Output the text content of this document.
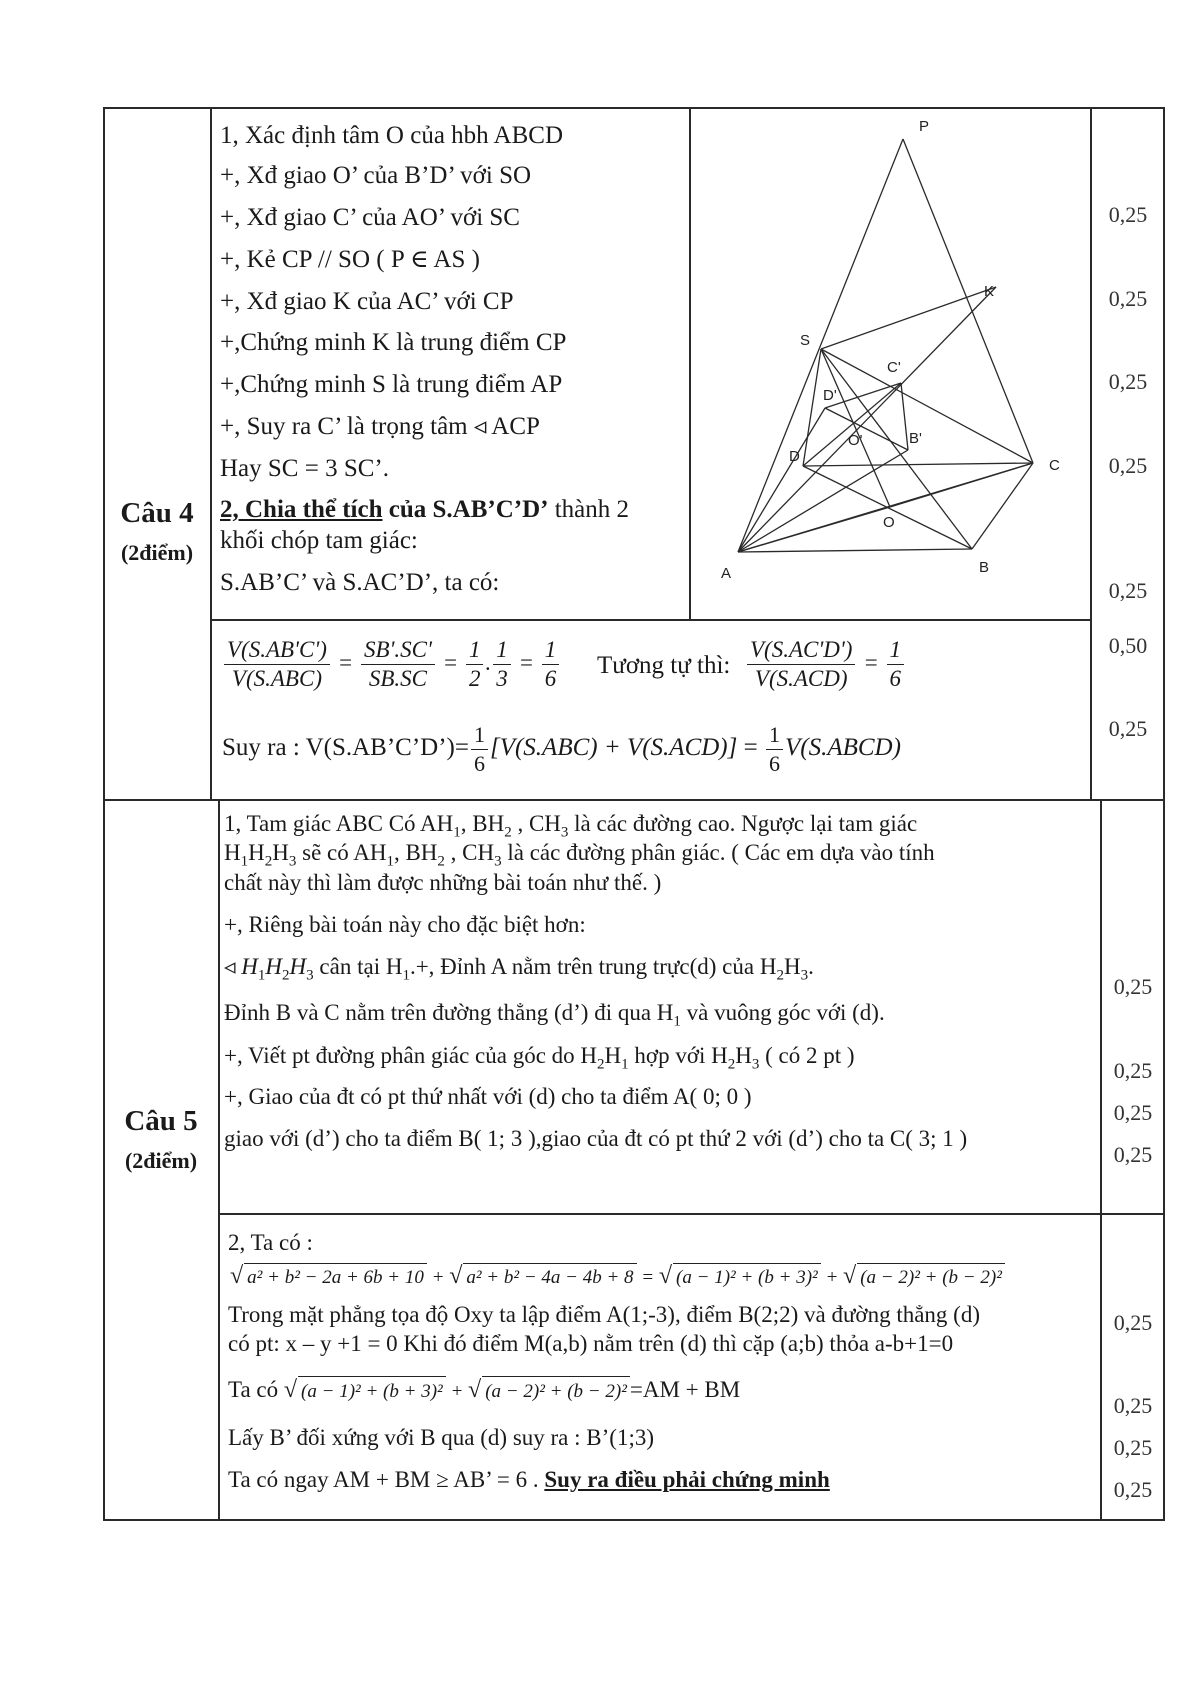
Câu 4
(2điểm)
1, Xác định tâm O của hbh ABCD
+, Xđ giao O’ của B’D’ với SO
+, Xđ giao C’ của AO’ với SC
+, Kẻ CP // SO ( P ∈ AS )
+, Xđ giao K của AC’ với CP
+,Chứng minh K là trung điểm CP
+,Chứng minh S là trung điểm AP
+, Suy ra C’ là trọng tâm ◃ ACP
Hay SC = 3 SC’.
2, Chia thể tích của S.AB’C’D’ thành 2
khối chóp tam giác:
S.AB’C’ và S.AC’D’, ta có:
P
K
S
C'
D'
O'	B'
D
C
O
A	B
$\frac{V(S.AB'C')}{\text{V(S.ABC)}} = \frac{SB'.SC'}{SB.SC} = \frac{1}{2}$ . $\frac{1}{3} = \frac{1}{6}$ Tương tự thì: $\frac{V(S.AC'D')}{\text{V(S.ACD)}} = \frac{1}{6}$
Suy ra : V(S.AB’C’D’)= $\frac{1}{6} [V(S.ABC) + V(S.ACD)] = \frac{1}{6}$ V(S.ABCD)
0,25
0,25
0,25
0,25
0,25
0,50
0,25
Câu 5
(2điểm)
1, Tam giác ABC Có $AH_1$, $BH_2$ , $CH_3$ là các đường cao. Ngược lại tam giác
$H_1H_2H_3$ sẽ có $AH_1$, $BH_2$ , $CH_3$ là các đường phân giác. ( Các em dựa vào tính
chất này thì làm được những bài toán như thế. )
+, Riêng bài toán này cho đặc biệt hơn:
◃ $H_1H_2H_3$ cân tại $H_1.+$, Đỉnh A nằm trên trung trực(d) của $H_2H_3$.
Đỉnh B và C nằm trên đường thẳng (d’) đi qua $H_1$ và vuông góc với (d).
+, Viết pt đường phân giác của góc do $H_2H_1$ hợp với $H_2H_3$ ( có 2 pt )
+, Giao của đt có pt thứ nhất với (d) cho ta điểm A( 0; 0 )
giao với (d’) cho ta điểm B( 1; 3 ),giao của đt có pt thứ 2 với (d’) cho ta C( 3; 1 )
2, Ta có :
√ a² + b² − 2a + 6b + 10 + √ a² + b² − 4a − 4b + 8 = √ (a − 1)² + (b + 3)² + √ (a − 2)² + (b − 2)²
Trong mặt phẳng tọa độ Oxy ta lập điểm A(1;-3), điểm B(2;2) và đường thẳng (d)
có pt: x – y +1 = 0 Khi đó điểm M(a,b) nằm trên (d) thì cặp (a;b) thỏa a-b+1=0
Ta có √ (a − 1)² + (b + 3)² + √ (a − 2)² + (b − 2)² =AM + BM
Lấy B’ đối xứng với B qua (d) suy ra : B’(1;3)
Ta có ngay AM + BM ≥ AB’ = 6 . Suy ra điều phải chứng minh
0,25
0,25
0,25
0,25
0,25
0,25
0,25
0,25
